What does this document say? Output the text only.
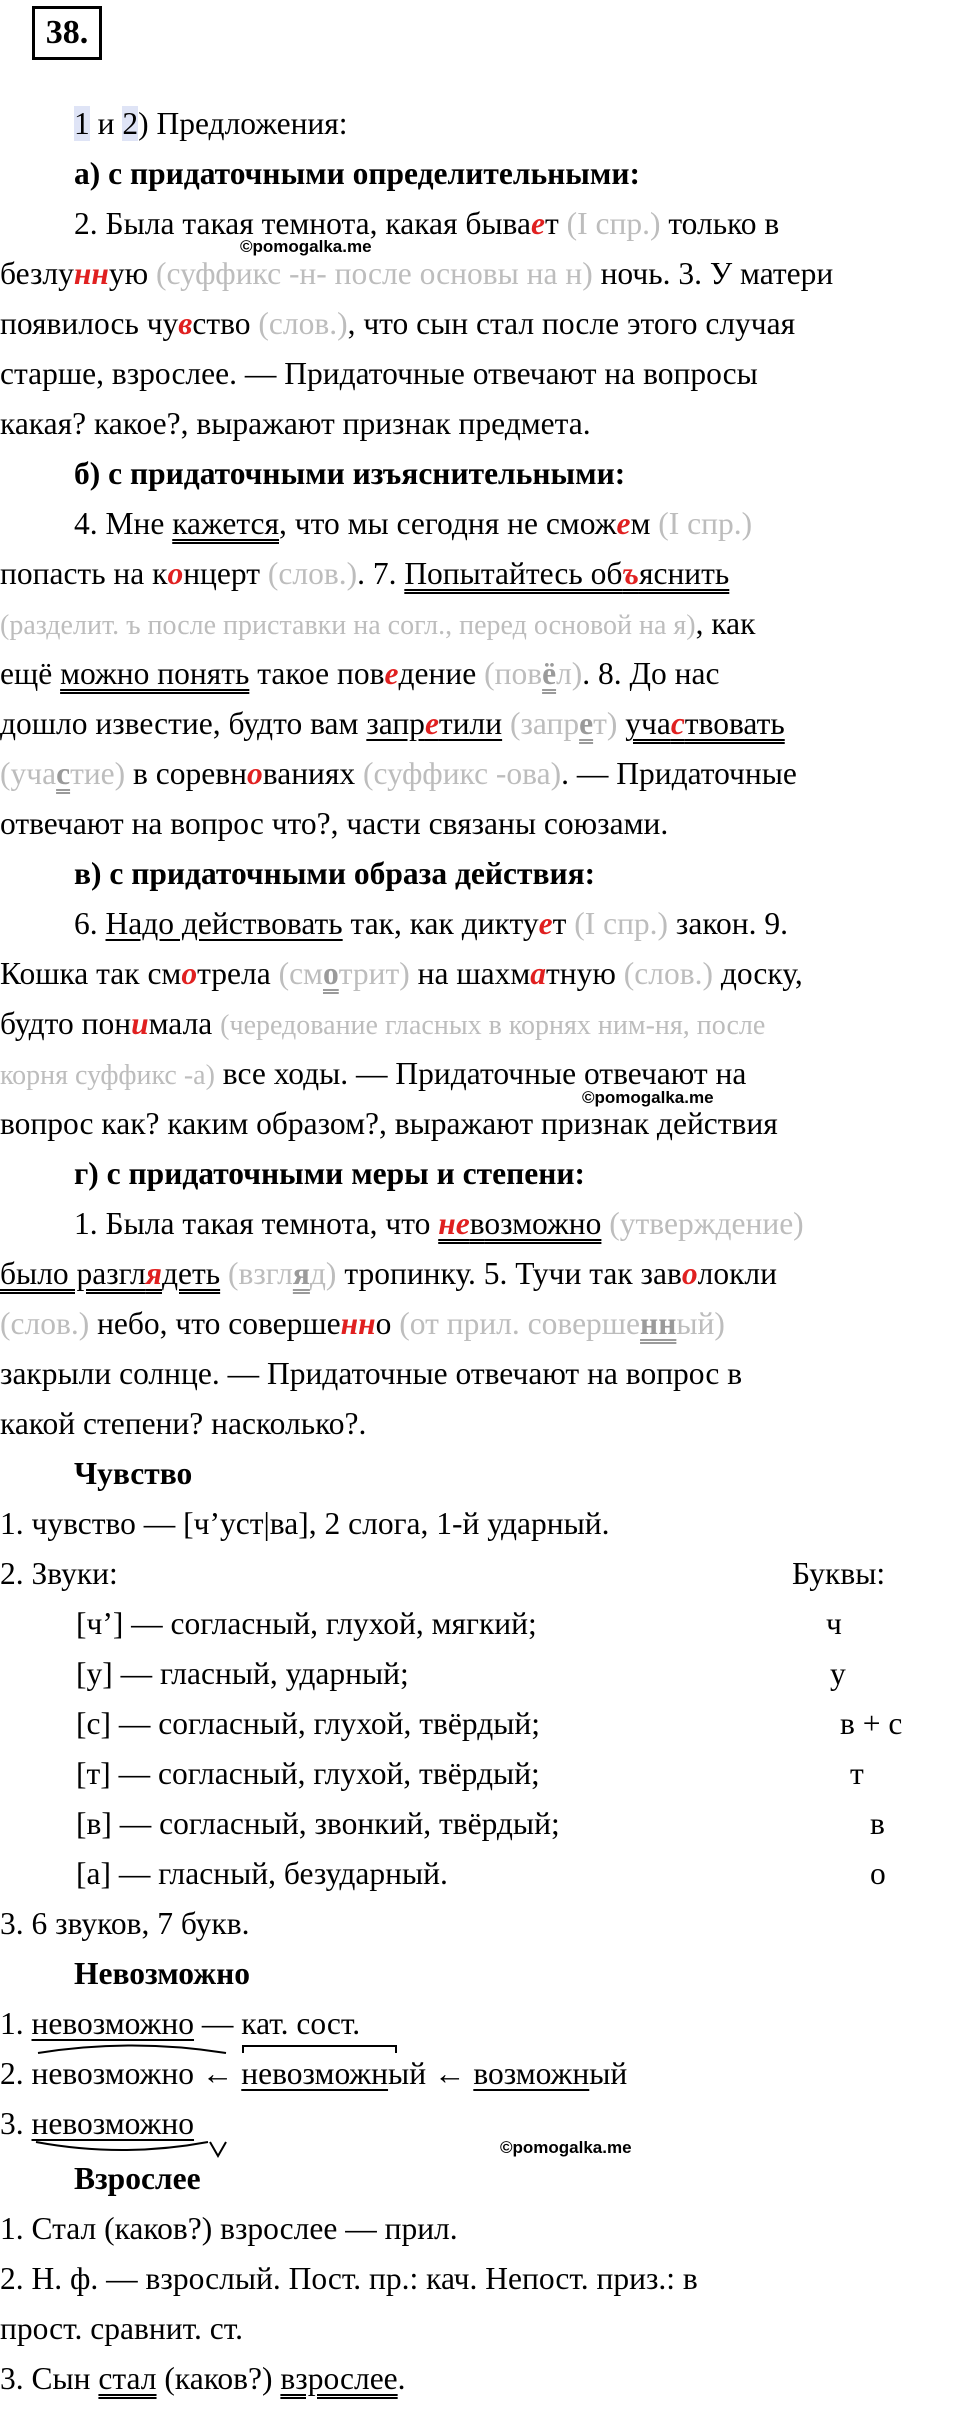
38.
1 и 2) Предложения:
а) с придаточными определительными:
2. Была такая темнота, какая бывает (I спр.) только в
©pomogalka.me
безлунную (суффикс -н- после основы на н) ночь. 3. У матери
появилось чувство (слов.), что сын стал после этого случая
старше, взрослее. — Придаточные отвечают на вопросы
какая? какое?, выражают признак предмета.
б) с придаточными изъяснительными:
4. Мне кажется, что мы сегодня не сможем (I спр.)
попасть на концерт (слов.). 7. Попытайтесь объяснить
(разделит. ъ после приставки на согл., перед основой на я), как
ещё можно понять такое поведение (повёл). 8. До нас
дошло известие, будто вам запретили (запрет) участвовать
(участие) в соревнованиях (суффикс -ова). — Придаточные
отвечают на вопрос что?, части связаны союзами.
в) с придаточными образа действия:
6. Надо действовать так, как диктует (I спр.) закон. 9.
Кошка так смотрела (смотрит) на шахматную (слов.) доску,
будто понимала (чередование гласных в корнях ним-ня, после
корня суффикс -а) все ходы. — Придаточные отвечают на
©pomogalka.me
вопрос как? каким образом?, выражают признак действия
г) с придаточными меры и степени:
1. Была такая темнота, что невозможно (утверждение)
было разглядеть (взгляд) тропинку. 5. Тучи так заволокли
(слов.) небо, что совершенно (от прил. совершенный)
закрыли солнце. — Придаточные отвечают на вопрос в
какой степени? насколько?.
Чувство
1. чувство — [ч’уст|ва], 2 слога, 1-й ударный.
2. Звуки:	Буквы:
[ч’] — согласный, глухой, мягкий;	ч
[у] — гласный, ударный;	у
[с] — согласный, глухой, твёрдый;	в + с
[т] — согласный, глухой, твёрдый;	т
[в] — согласный, звонкий, твёрдый;	в
[а] — гласный, безударный.	о
3. 6 звуков, 7 букв.
Невозможно
1. невозможно — кат. сост.
2.
невозможно ←
невозможный ← возможный
3. невозможно
©pomogalka.me
Взрослее
1. Стал (каков?) взрослее — прил.
2. Н. ф. — взрослый. Пост. пр.: кач. Непост. приз.: в
прост. сравнит. ст.
3. Сын стал (каков?) взрослее.
